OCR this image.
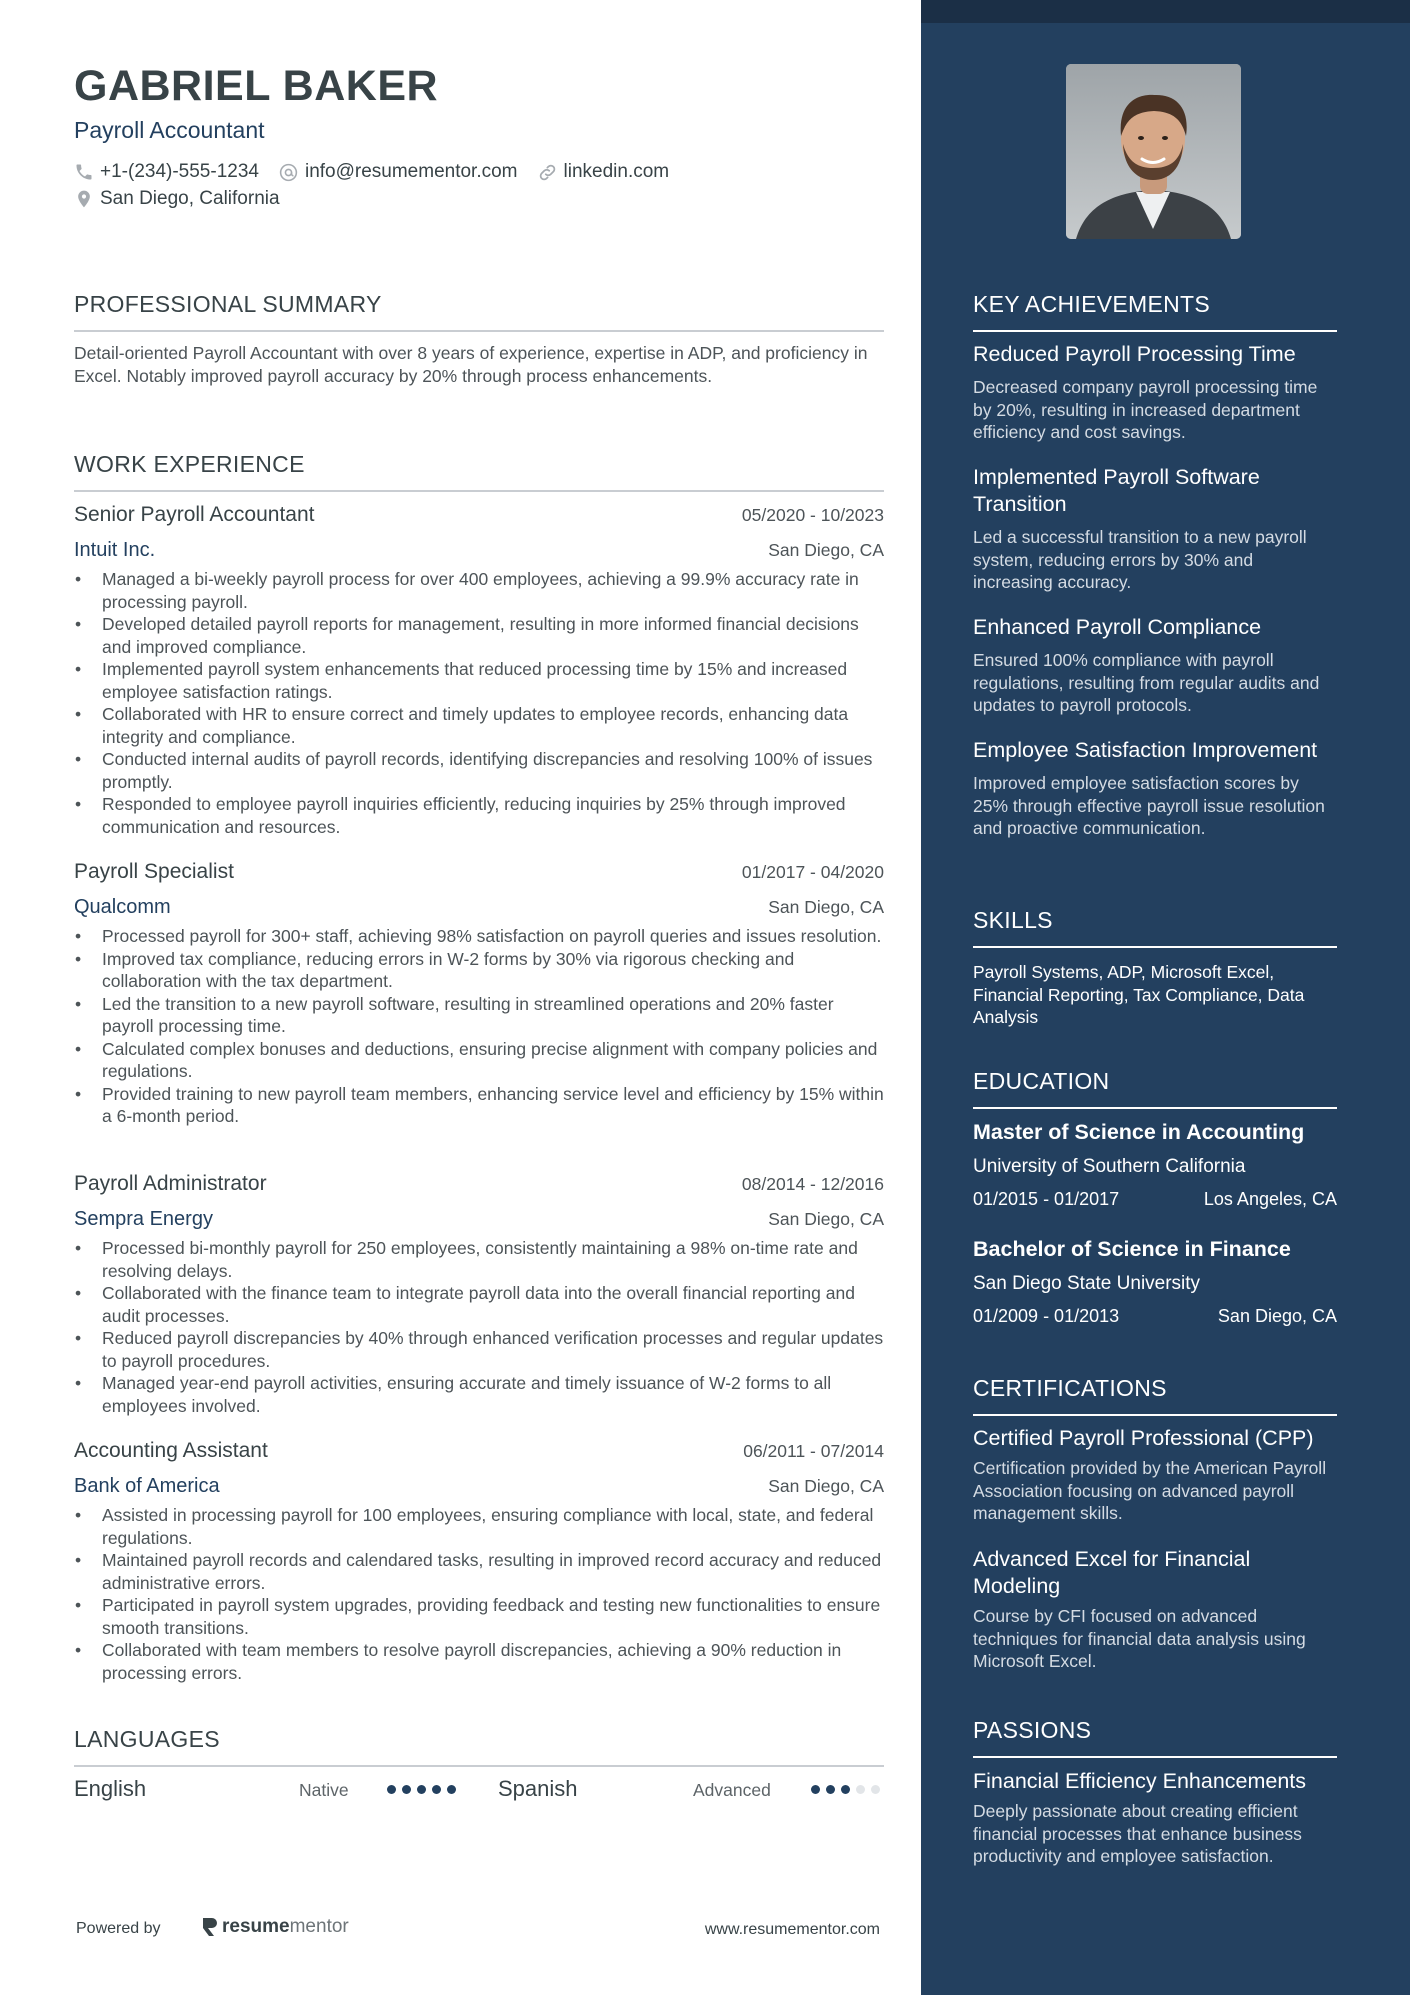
GABRIEL BAKER
Payroll Accountant
+1-(234)-555-1234 info@resumementor.com linkedin.com
San Diego, California
PROFESSIONAL SUMMARY
Detail-oriented Payroll Accountant with over 8 years of experience, expertise in ADP, and proficiency in Excel. Notably improved payroll accuracy by 20% through process enhancements.
WORK EXPERIENCE
Senior Payroll Accountant	05/2020 - 10/2023
Intuit Inc.	San Diego, CA
• Managed a bi-weekly payroll process for over 400 employees, achieving a 99.9% accuracy rate in processing payroll.
• Developed detailed payroll reports for management, resulting in more informed financial decisions and improved compliance.
• Implemented payroll system enhancements that reduced processing time by 15% and increased employee satisfaction ratings.
• Collaborated with HR to ensure correct and timely updates to employee records, enhancing data integrity and compliance.
• Conducted internal audits of payroll records, identifying discrepancies and resolving 100% of issues promptly.
• Responded to employee payroll inquiries efficiently, reducing inquiries by 25% through improved communication and resources.
Payroll Specialist	01/2017 - 04/2020
Qualcomm	San Diego, CA
• Processed payroll for 300+ staff, achieving 98% satisfaction on payroll queries and issues resolution.
• Improved tax compliance, reducing errors in W-2 forms by 30% via rigorous checking and collaboration with the tax department.
• Led the transition to a new payroll software, resulting in streamlined operations and 20% faster payroll processing time.
• Calculated complex bonuses and deductions, ensuring precise alignment with company policies and regulations.
• Provided training to new payroll team members, enhancing service level and efficiency by 15% within a 6-month period.
Payroll Administrator	08/2014 - 12/2016
Sempra Energy	San Diego, CA
• Processed bi-monthly payroll for 250 employees, consistently maintaining a 98% on-time rate and resolving delays.
• Collaborated with the finance team to integrate payroll data into the overall financial reporting and audit processes.
• Reduced payroll discrepancies by 40% through enhanced verification processes and regular updates to payroll procedures.
• Managed year-end payroll activities, ensuring accurate and timely issuance of W-2 forms to all employees involved.
Accounting Assistant	06/2011 - 07/2014
Bank of America	San Diego, CA
• Assisted in processing payroll for 100 employees, ensuring compliance with local, state, and federal regulations.
• Maintained payroll records and calendared tasks, resulting in improved record accuracy and reduced administrative errors.
• Participated in payroll system upgrades, providing feedback and testing new functionalities to ensure smooth transitions.
• Collaborated with team members to resolve payroll discrepancies, achieving a 90% reduction in processing errors.
LANGUAGES
English	Native	Spanish	Advanced
Powered by	resume mentor	www.resumementor.com
KEY ACHIEVEMENTS
Reduced Payroll Processing Time
Decreased company payroll processing time by 20%, resulting in increased department efficiency and cost savings.
Implemented Payroll Software Transition
Led a successful transition to a new payroll system, reducing errors by 30% and increasing accuracy.
Enhanced Payroll Compliance
Ensured 100% compliance with payroll regulations, resulting from regular audits and updates to payroll protocols.
Employee Satisfaction Improvement
Improved employee satisfaction scores by 25% through effective payroll issue resolution and proactive communication.
SKILLS
Payroll Systems, ADP, Microsoft Excel, Financial Reporting, Tax Compliance, Data Analysis
EDUCATION
Master of Science in Accounting
University of Southern California
01/2015 - 01/2017	Los Angeles, CA
Bachelor of Science in Finance
San Diego State University
01/2009 - 01/2013	San Diego, CA
CERTIFICATIONS
Certified Payroll Professional (CPP)
Certification provided by the American Payroll Association focusing on advanced payroll management skills.
Advanced Excel for Financial Modeling
Course by CFI focused on advanced techniques for financial data analysis using Microsoft Excel.
PASSIONS
Financial Efficiency Enhancements
Deeply passionate about creating efficient financial processes that enhance business productivity and employee satisfaction.
